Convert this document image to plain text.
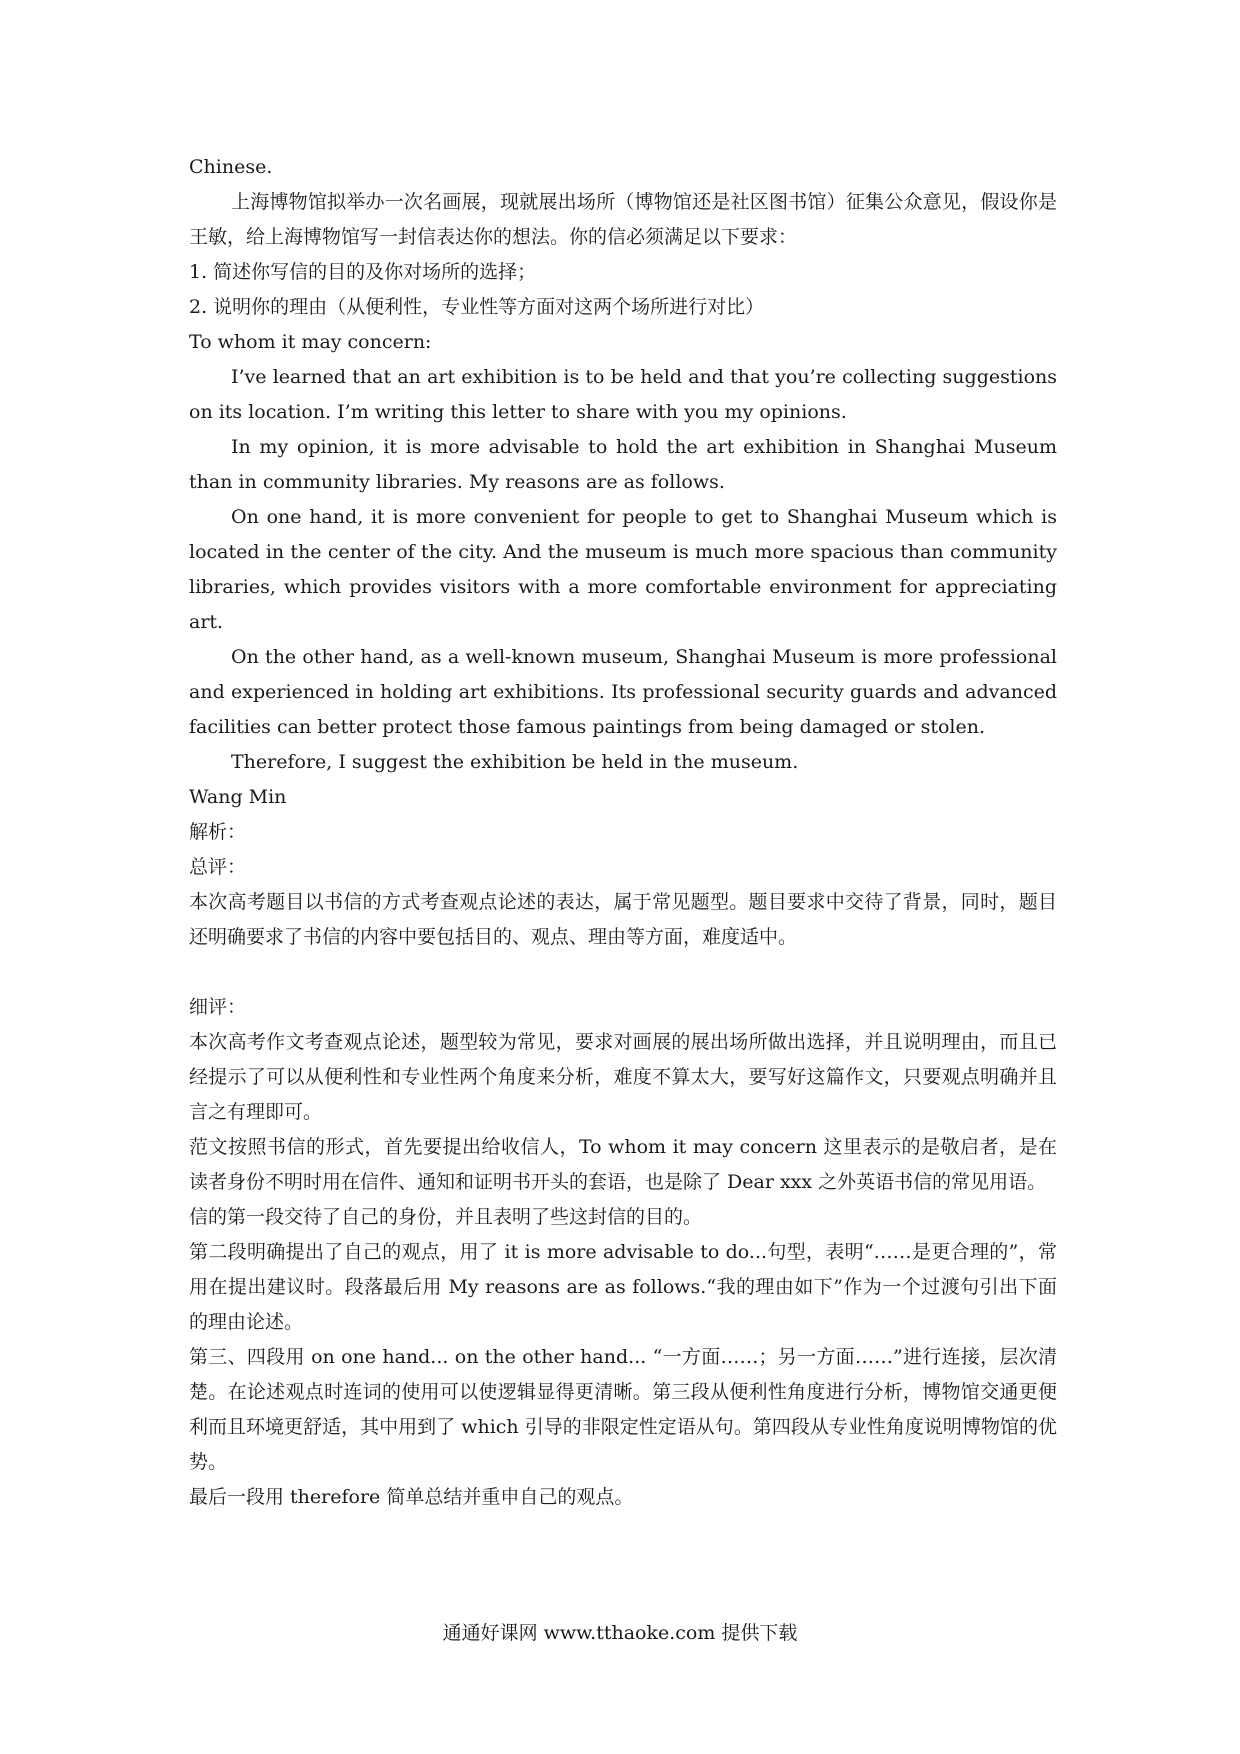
Chinese.

上海博物馆拟举办一次名画展，现就展出场所（博物馆还是社区图书馆）征集公众意见，假设你是王敏，给上海博物馆写一封信表达你的想法。你的信必须满足以下要求：

1. 简述你写信的目的及你对场所的选择；

2. 说明你的理由（从便利性，专业性等方面对这两个场所进行对比）

To whom it may concern:

I’ve learned that an art exhibition is to be held and that you’re collecting suggestions on its location. I’m writing this letter to share with you my opinions.

In my opinion, it is more advisable to hold the art exhibition in Shanghai Museum than in community libraries. My reasons are as follows.

On one hand, it is more convenient for people to get to Shanghai Museum which is located in the center of the city. And the museum is much more spacious than community libraries, which provides visitors with a more comfortable environment for appreciating art.

On the other hand, as a well-known museum, Shanghai Museum is more professional and experienced in holding art exhibitions. Its professional security guards and advanced facilities can better protect those famous paintings from being damaged or stolen.

Therefore, I suggest the exhibition be held in the museum.

Wang Min

解析：

总评：

本次高考题目以书信的方式考查观点论述的表达，属于常见题型。题目要求中交待了背景，同时，题目还明确要求了书信的内容中要包括目的、观点、理由等方面，难度适中。

细评：

本次高考作文考查观点论述，题型较为常见，要求对画展的展出场所做出选择，并且说明理由，而且已经提示了可以从便利性和专业性两个角度来分析，难度不算太大，要写好这篇作文，只要观点明确并且言之有理即可。

范文按照书信的形式，首先要提出给收信人，To whom it may concern 这里表示的是敬启者，是在读者身份不明时用在信件、通知和证明书开头的套语，也是除了 Dear xxx 之外英语书信的常见用语。

信的第一段交待了自己的身份，并且表明了些这封信的目的。

第二段明确提出了自己的观点，用了 it is more advisable to do...句型，表明“……是更合理的”，常用在提出建议时。段落最后用 My reasons are as follows.“我的理由如下”作为一个过渡句引出下面的理由论述。

第三、四段用 on one hand... on the other hand... “一方面……；另一方面……”进行连接，层次清楚。在论述观点时连词的使用可以使逻辑显得更清晰。第三段从便利性角度进行分析，博物馆交通更便利而且环境更舒适，其中用到了 which 引导的非限定性定语从句。第四段从专业性角度说明博物馆的优势。

最后一段用 therefore 简单总结并重申自己的观点。

通通好课网 www.tthaoke.com 提供下载
